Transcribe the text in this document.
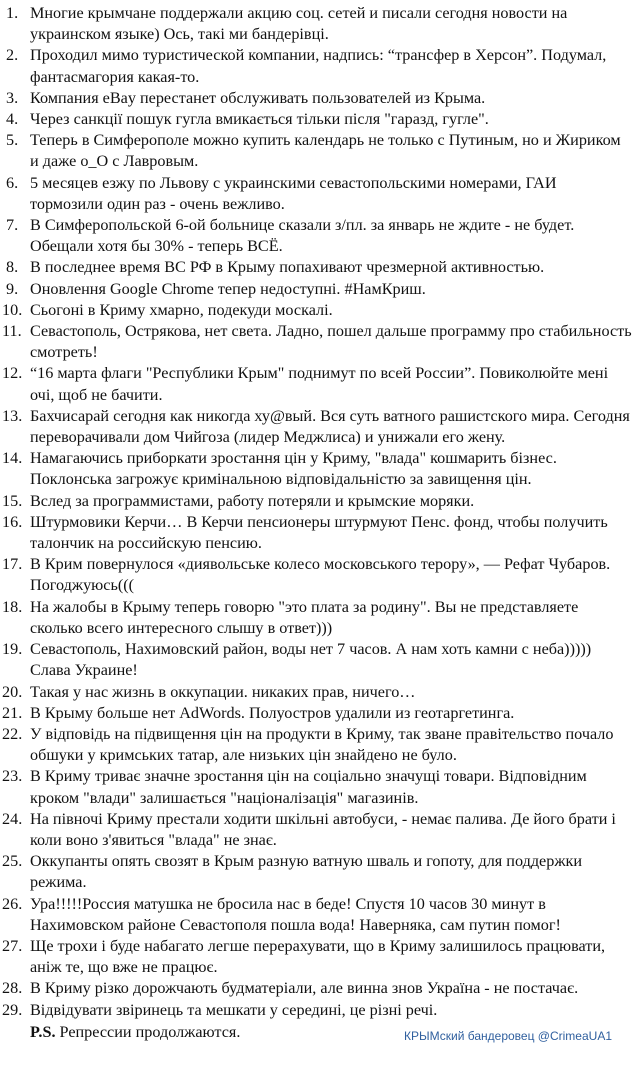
1. Многие крымчане поддержали акцию соц. сетей и писали сегодня новости на украинском языке) Ось, такі ми бандерівці.
2. Проходил мимо туристической компании, надпись: “трансфер в Херсон”. Подумал, фантасмагория какая-то.
3. Компания eBay перестанет обслуживать пользователей из Крыма.
4. Через санкції пошук гугла вмикається тільки після "гаразд, гугле".
5. Теперь в Симферополе можно купить календарь не только с Путиным, но и Жириком и даже о_О с Лавровым.
6. 5 месяцев езжу по Львову с украинскими севастопольскими номерами, ГАИ тормозили один раз - очень вежливо.
7. В Симферопольской 6-ой больнице сказали з/пл. за январь не ждите - не будет. Обещали хотя бы 30% - теперь ВСЁ.
8. В последнее время ВС РФ в Крыму попахивают чрезмерной активностью.
9. Оновлення Google Chrome тепер недоступні. #НамКриш.
10. Сьогоні в Криму хмарно, подекуди москалі.
11. Севастополь, Острякова, нет света. Ладно, пошел дальше программу про стабильность смотреть!
12. “16 марта флаги "Республики Крым" поднимут по всей России”. Повиколюйте мені очі, щоб не бачити.
13. Бахчисарай сегодня как никогда ху@вый. Вся суть ватного рашистского мира. Сегодня переворачивали дом Чийгоза (лидер Меджлиса) и унижали его жену.
14. Намагаючись приборкати зростання цін у Криму, "влада" кошмарить бізнес. Поклонська загрожує кримінальною відповідальністю за завищення цін.
15. Вслед за программистами, работу потеряли и крымские моряки.
16. Штурмовики Керчи… В Керчи пенсионеры штурмуют Пенс. фонд, чтобы получить талончик на российскую пенсию.
17. В Крим повернулося «диявольське колесо московського терору», — Рефат Чубаров. Погоджуюсь(((
18. На жалобы в Крыму теперь говорю "это плата за родину". Вы не представляете сколько всего интересного слышу в ответ)))
19. Севастополь, Нахимовский район, воды нет 7 часов. А нам хоть камни с неба))))) Слава Украине!
20. Такая у нас жизнь в оккупации. никаких прав, ничего…
21. В Крыму больше нет AdWords. Полуостров удалили из геотаргетинга.
22. У відповідь на підвищення цін на продукти в Криму, так зване правітельство почало обшуки у кримських татар, але низьких цін знайдено не було.
23. В Криму триває значне зростання цін на соціально значущі товари. Відповідним кроком "влади" залишається "націоналізація" магазинів.
24. На півночі Криму престали ходити шкільні автобуси, - немає палива. Де його брати і коли воно з'явиться "влада" не знає.
25. Оккупанты опять свозят в Крым разную ватную шваль и гопоту, для поддержки режима.
26. Ура!!!!!Россия матушка не бросила нас в беде! Спустя 10 часов 30 минут в Нахимовском районе Севастополя пошла вода! Наверняка, сам путин помог!
27. Ще трохи і буде набагато легше перерахувати, що в Криму залишилось працювати, аніж те, що вже не працює.
28. В Криму різко дорожчають будматеріали, але винна знов Україна - не постачає.
29. Відвідувати звіринець та мешкати у середині, це різні речі.
P.S. Репрессии продолжаются.	КРЫМский бандеровец @CrimeaUA1
